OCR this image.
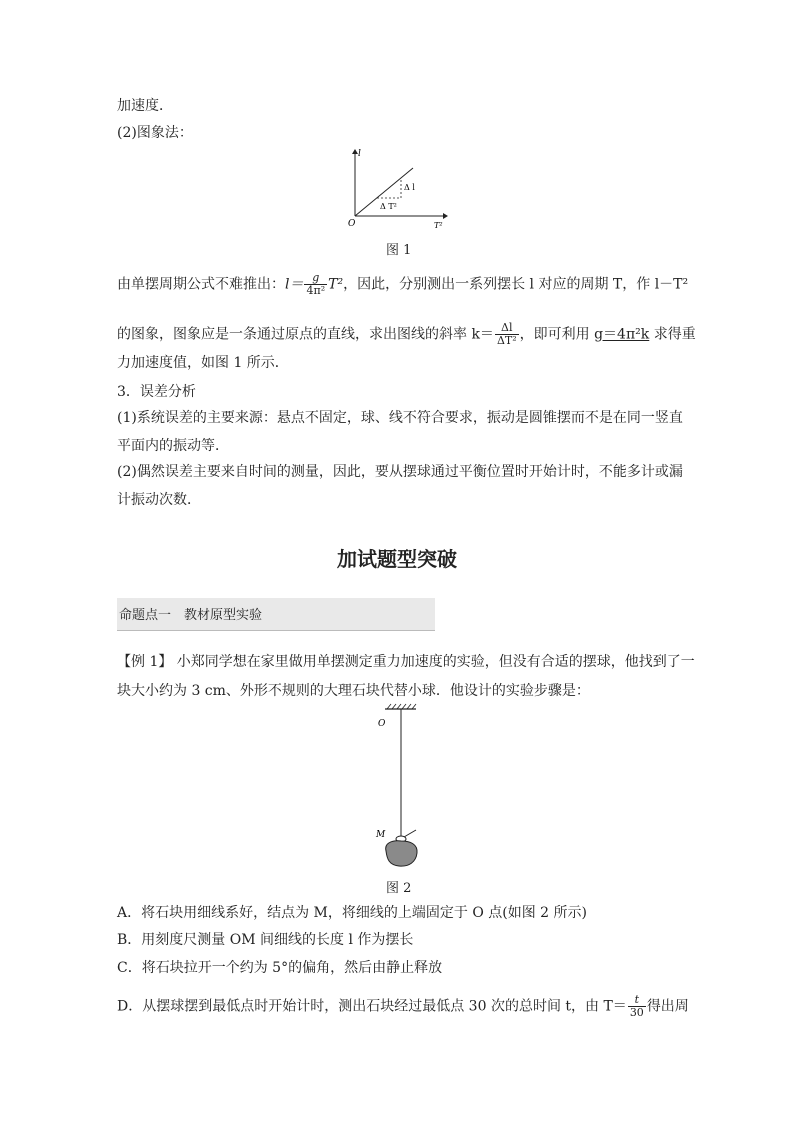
加速度．
(2)图象法：
l
T²
O
Δ l
Δ T²
图 1
由单摆周期公式不难推出：$l= \frac{g}{\text{4π²}} T^2$，因此，分别测出一系列摆长 l 对应的周期 T，作 l－T²
的图象，图象应是一条通过原点的直线，求出图线的斜率 $k= \frac{\Delta l}{\text{ΔT²}}$ ，即可利用 g＝4π²k 求得重
力加速度值，如图 1 所示．
3．误差分析
(1)系统误差的主要来源：悬点不固定，球、线不符合要求，振动是圆锥摆而不是在同一竖直
平面内的振动等．
(2)偶然误差主要来自时间的测量，因此，要从摆球通过平衡位置时开始计时，不能多计或漏
计振动次数．
加试题型突破
命题点一　教材原型实验
【例 1】 小郑同学想在家里做用单摆测定重力加速度的实验，但没有合适的摆球，他找到了一
块大小约为 3 cm、外形不规则的大理石块代替小球．他设计的实验步骤是：
O
M
图 2
A．将石块用细线系好，结点为 M，将细线的上端固定于 O 点(如图 2 所示)
B．用刻度尺测量 OM 间细线的长度 l 作为摆长
C．将石块拉开一个约为 5°的偏角，然后由静止释放
D．从摆球摆到最低点时开始计时，测出石块经过最低点 30 次的总时间 t，由 $T= \frac{t}{30}$ 得出周
